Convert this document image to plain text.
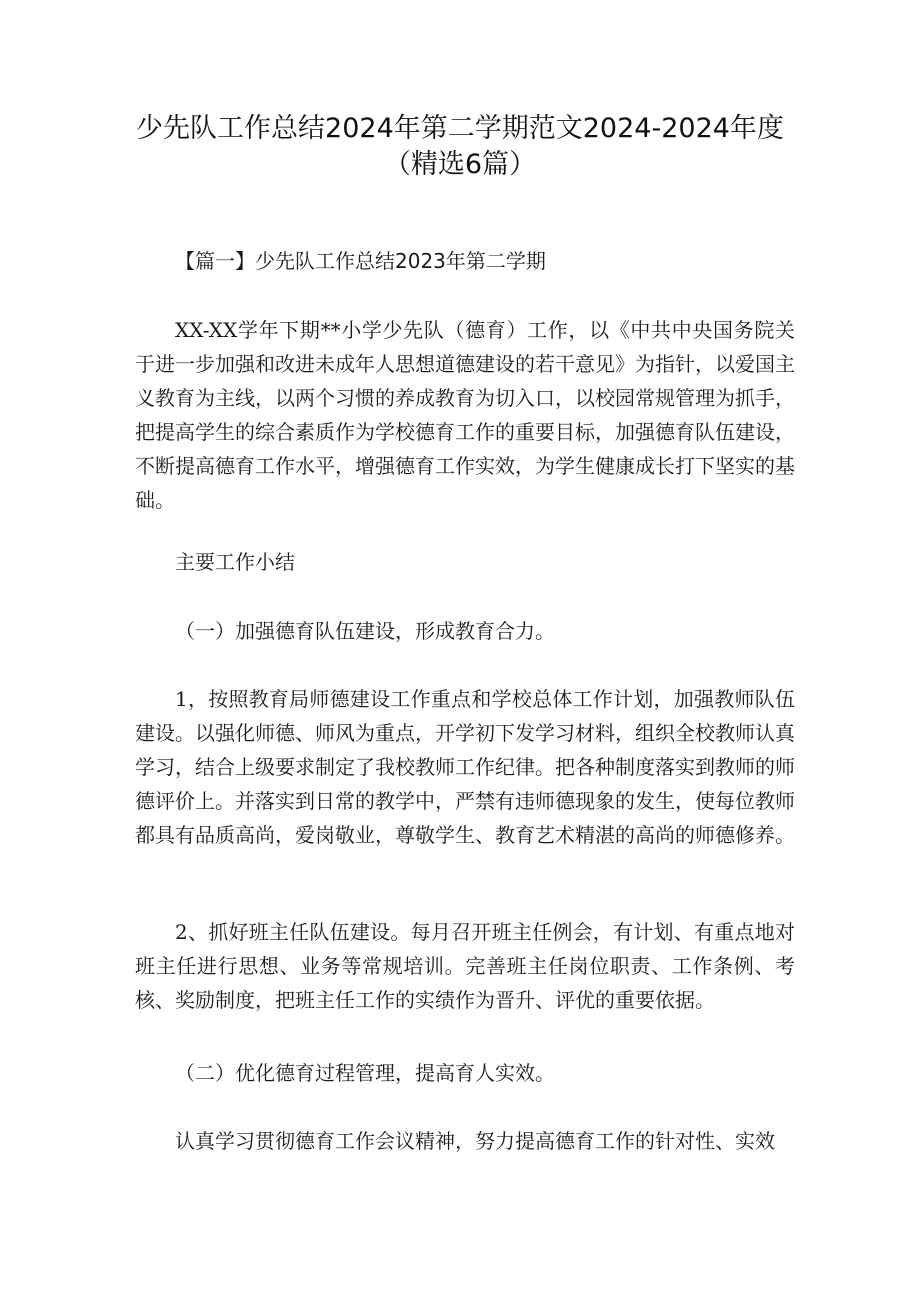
少先队工作总结2024年第二学期范文2024-2024年度
（精选6篇）

【篇一】少先队工作总结2023年第二学期

XX-XX学年下期**小学少先队（德育）工作，以《中共中央国务院关于进一步加强和改进未成年人思想道德建设的若干意见》为指针，以爱国主义教育为主线，以两个习惯的养成教育为切入口，以校园常规管理为抓手，把提高学生的综合素质作为学校德育工作的重要目标，加强德育队伍建设，不断提高德育工作水平，增强德育工作实效，为学生健康成长打下坚实的基础。

主要工作小结

（一）加强德育队伍建设，形成教育合力。

1，按照教育局师德建设工作重点和学校总体工作计划，加强教师队伍建设。以强化师德、师风为重点，开学初下发学习材料，组织全校教师认真学习，结合上级要求制定了我校教师工作纪律。把各种制度落实到教师的师德评价上。并落实到日常的教学中，严禁有违师德现象的发生，使每位教师都具有品质高尚，爱岗敬业，尊敬学生、教育艺术精湛的高尚的师德修养。

2、抓好班主任队伍建设。每月召开班主任例会，有计划、有重点地对班主任进行思想、业务等常规培训。完善班主任岗位职责、工作条例、考核、奖励制度，把班主任工作的实绩作为晋升、评优的重要依据。

（二）优化德育过程管理，提高育人实效。

认真学习贯彻德育工作会议精神，努力提高德育工作的针对性、实效
